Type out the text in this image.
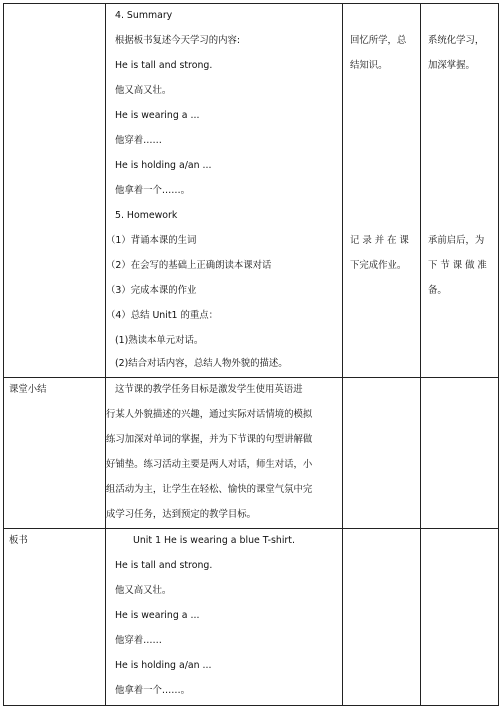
4. Summary
根据板书复述今天学习的内容:
He is tall and strong.
他又高又壮。
He is wearing a ...
他穿着……
He is holding a/an ...
他拿着一个……。
5. Homework
（1）背诵本课的生词
（2）在会写的基础上正确朗读本课对话
（3）完成本课的作业
（4）总结 Unit1 的重点：
(1)熟读本单元对话。
(2)结合对话内容，总结人物外貌的描述。
回忆所学，总
结知识。
记 录 并 在 课
下完成作业。
系统化学习，
加深掌握。
承前启后，为
下 节 课 做 准
备。
课堂小结	这节课的教学任务目标是激发学生使用英语进
行某人外貌描述的兴趣，通过实际对话情境的模拟
练习加深对单词的掌握，并为下节课的句型讲解做
好铺垫。练习活动主要是两人对话，师生对话，小
组活动为主，让学生在轻松、愉快的课堂气氛中完
成学习任务，达到预定的教学目标。
板书	Unit 1 He is wearing a blue T-shirt.
He is tall and strong.
他又高又壮。
He is wearing a ...
他穿着……
He is holding a/an ...
他拿着一个……。
